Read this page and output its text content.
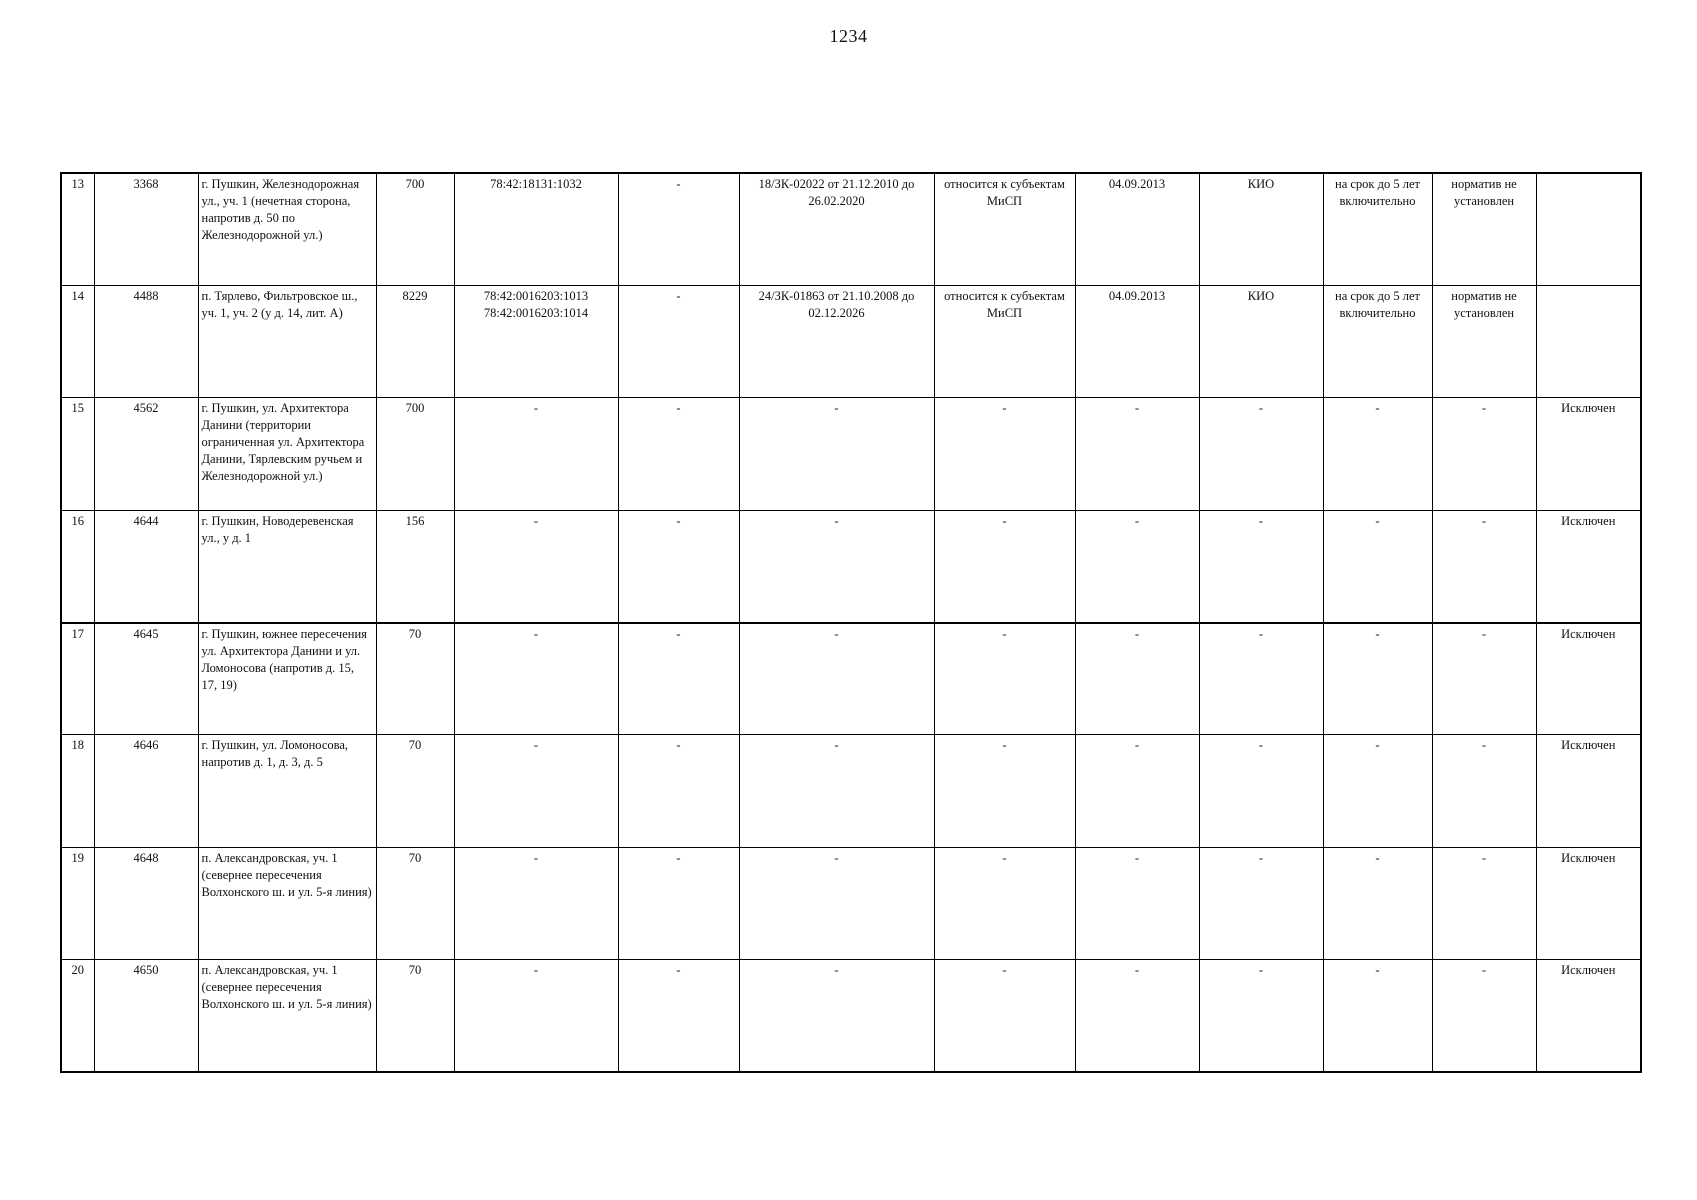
1234
13	3368	г. Пушкин, Железнодорожная ул., уч. 1 (нечетная сторона, напротив д. 50 по Железнодорожной ул.)	700	78:42:18131:1032	-	18/ЗК-02022 от 21.12.2010 до 26.02.2020	относится к субъектам МиСП	04.09.2013	КИО	на срок до 5 лет включительно	норматив не установлен	
14	4488	п. Тярлево, Фильтровское ш., уч. 1, уч. 2 (у д. 14, лит. А)	8229	78:42:0016203:1013 78:42:0016203:1014	-	24/ЗК-01863 от 21.10.2008 до 02.12.2026	относится к субъектам МиСП	04.09.2013	КИО	на срок до 5 лет включительно	норматив не установлен	
15	4562	г. Пушкин, ул. Архитектора Данини (территории ограниченная ул. Архитектора Данини, Тярлевским ручьем и Железнодорожной ул.)	700	-	-	-	-	-	-	-	-	Исключен
16	4644	г. Пушкин, Новодеревенская ул., у д. 1	156	-	-	-	-	-	-	-	-	Исключен
17	4645	г. Пушкин, южнее пересечения ул. Архитектора Данини и ул. Ломоносова (напротив д. 15, 17, 19)	70	-	-	-	-	-	-	-	-	Исключен
18	4646	г. Пушкин, ул. Ломоносова, напротив д. 1, д. 3, д. 5	70	-	-	-	-	-	-	-	-	Исключен
19	4648	п. Александровская, уч. 1 (севернее пересечения Волхонского ш. и ул. 5-я линия)	70	-	-	-	-	-	-	-	-	Исключен
20	4650	п. Александровская, уч. 1 (севернее пересечения Волхонского ш. и ул. 5-я линия)	70	-	-	-	-	-	-	-	-	Исключен
